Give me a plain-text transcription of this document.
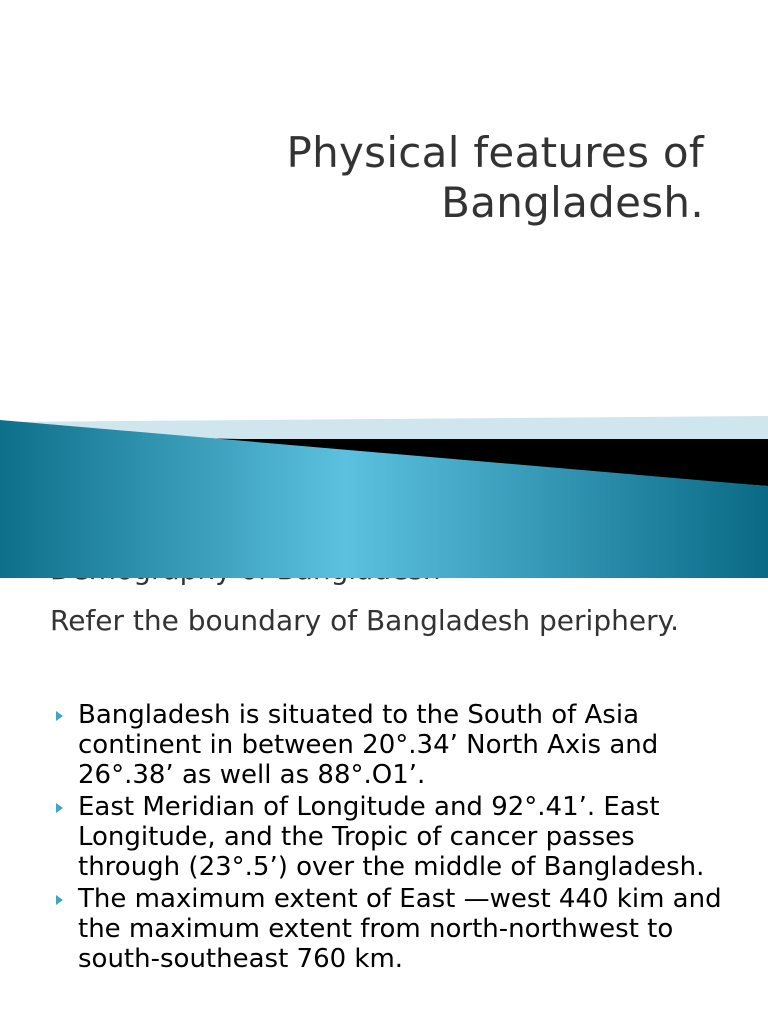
Physical features of
Bangladesh.
Refer the boundary of Bangladesh periphery.
Bangladesh is situated to the South of Asia continent in between 20°.34’ North Axis and 26°.38’ as well as 88°.O1’.
East Meridian of Longitude and 92°.41’. East Longitude, and the Tropic of cancer passes through (23°.5’) over the middle of Bangladesh.
The maximum extent of East —west 440 kim and the maximum extent from north-northwest to south-southeast 760 km.
